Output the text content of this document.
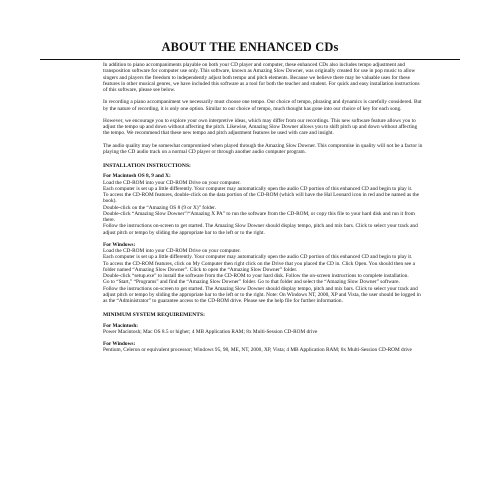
ABOUT THE ENHANCED CDs

In addition to piano accompaniments playable on both your CD player and computer, these enhanced CDs also includes tempo adjustment and transposition software for computer use only. This software, known as Amazing Slow Downer, was originally created for use in pop music to allow singers and players the freedom to independently adjust both tempo and pitch elements. Because we believe there may be valuable uses for these features in other musical genres, we have included this software as a tool for both the teacher and student. For quick and easy installation instructions of this software, please see below.

In recording a piano accompaniment we necessarily must choose one tempo. Our choice of tempo, phrasing and dynamics is carefully considered. But by the nature of recording, it is only one option. Similar to our choice of tempo, much thought has gone into our choice of key for each song.

However, we encourage you to explore your own interpretive ideas, which may differ from our recordings. This new software feature allows you to adjust the tempo up and down without affecting the pitch. Likewise, Amazing Slow Downer allows you to shift pitch up and down without affecting the tempo. We recommend that these new tempo and pitch adjustment features be used with care and insight.

The audio quality may be somewhat compromised when played through the Amazing Slow Downer. This compromise in quality will not be a factor in playing the CD audio track on a normal CD player or through another audio computer program.

INSTALLATION INSTRUCTIONS:
For Macintosh OS 8, 9 and X:
Load the CD-ROM into your CD-ROM Drive on your computer.
Each computer is set up a little differently. Your computer may automatically open the audio CD portion of this enhanced CD and begin to play it.
To access the CD-ROM features, double-click on the data portion of the CD-ROM (which will have the Hal Leonard icon in red and be named as the book).
Double-click on the “Amazing OS 8 (9 or X)” folder.
Double-click “Amazing Slow Downer”/“Amazing X PA” to run the software from the CD-ROM, or copy this file to your hard disk and run it from there.
Follow the instructions on-screen to get started. The Amazing Slow Downer should display tempo, pitch and mix bars. Click to select your track and adjust pitch or tempo by sliding the appropriate bar to the left or to the right.
For Windows:
Load the CD-ROM into your CD-ROM Drive on your computer.
Each computer is set up a little differently. Your computer may automatically open the audio CD portion of this enhanced CD and begin to play it.
To access the CD-ROM features, click on My Computer then right click on the Drive that you placed the CD in. Click Open. You should then see a folder named “Amazing Slow Downer”. Click to open the “Amazing Slow Downer” folder.
Double-click “setup.exe” to install the software from the CD-ROM to your hard disk. Follow the on-screen instructions to complete installation.
Go to “Start,” “Programs” and find the “Amazing Slow Downer” folder. Go to that folder and select the “Amazing Slow Downer” software.
Follow the instructions on-screen to get started. The Amazing Slow Downer should display tempo, pitch and mix bars. Click to select your track and adjust pitch or tempo by sliding the appropriate bar to the left or to the right. Note: On Windows NT, 2000, XP and Vista, the user should be logged in as the “Administrator” to guarantee access to the CD-ROM drive. Please see the help file for further information.
MINIMUM SYSTEM REQUIREMENTS:
For Macintosh:
Power Macintosh; Mac OS 8.5 or higher; 4 MB Application RAM; 8x Multi-Session CD-ROM drive
For Windows:
Pentium, Celeron or equivalent processor; Windows 95, 98, ME, NT, 2000, XP, Vista; 4 MB Application RAM; 8x Multi-Session CD-ROM drive
